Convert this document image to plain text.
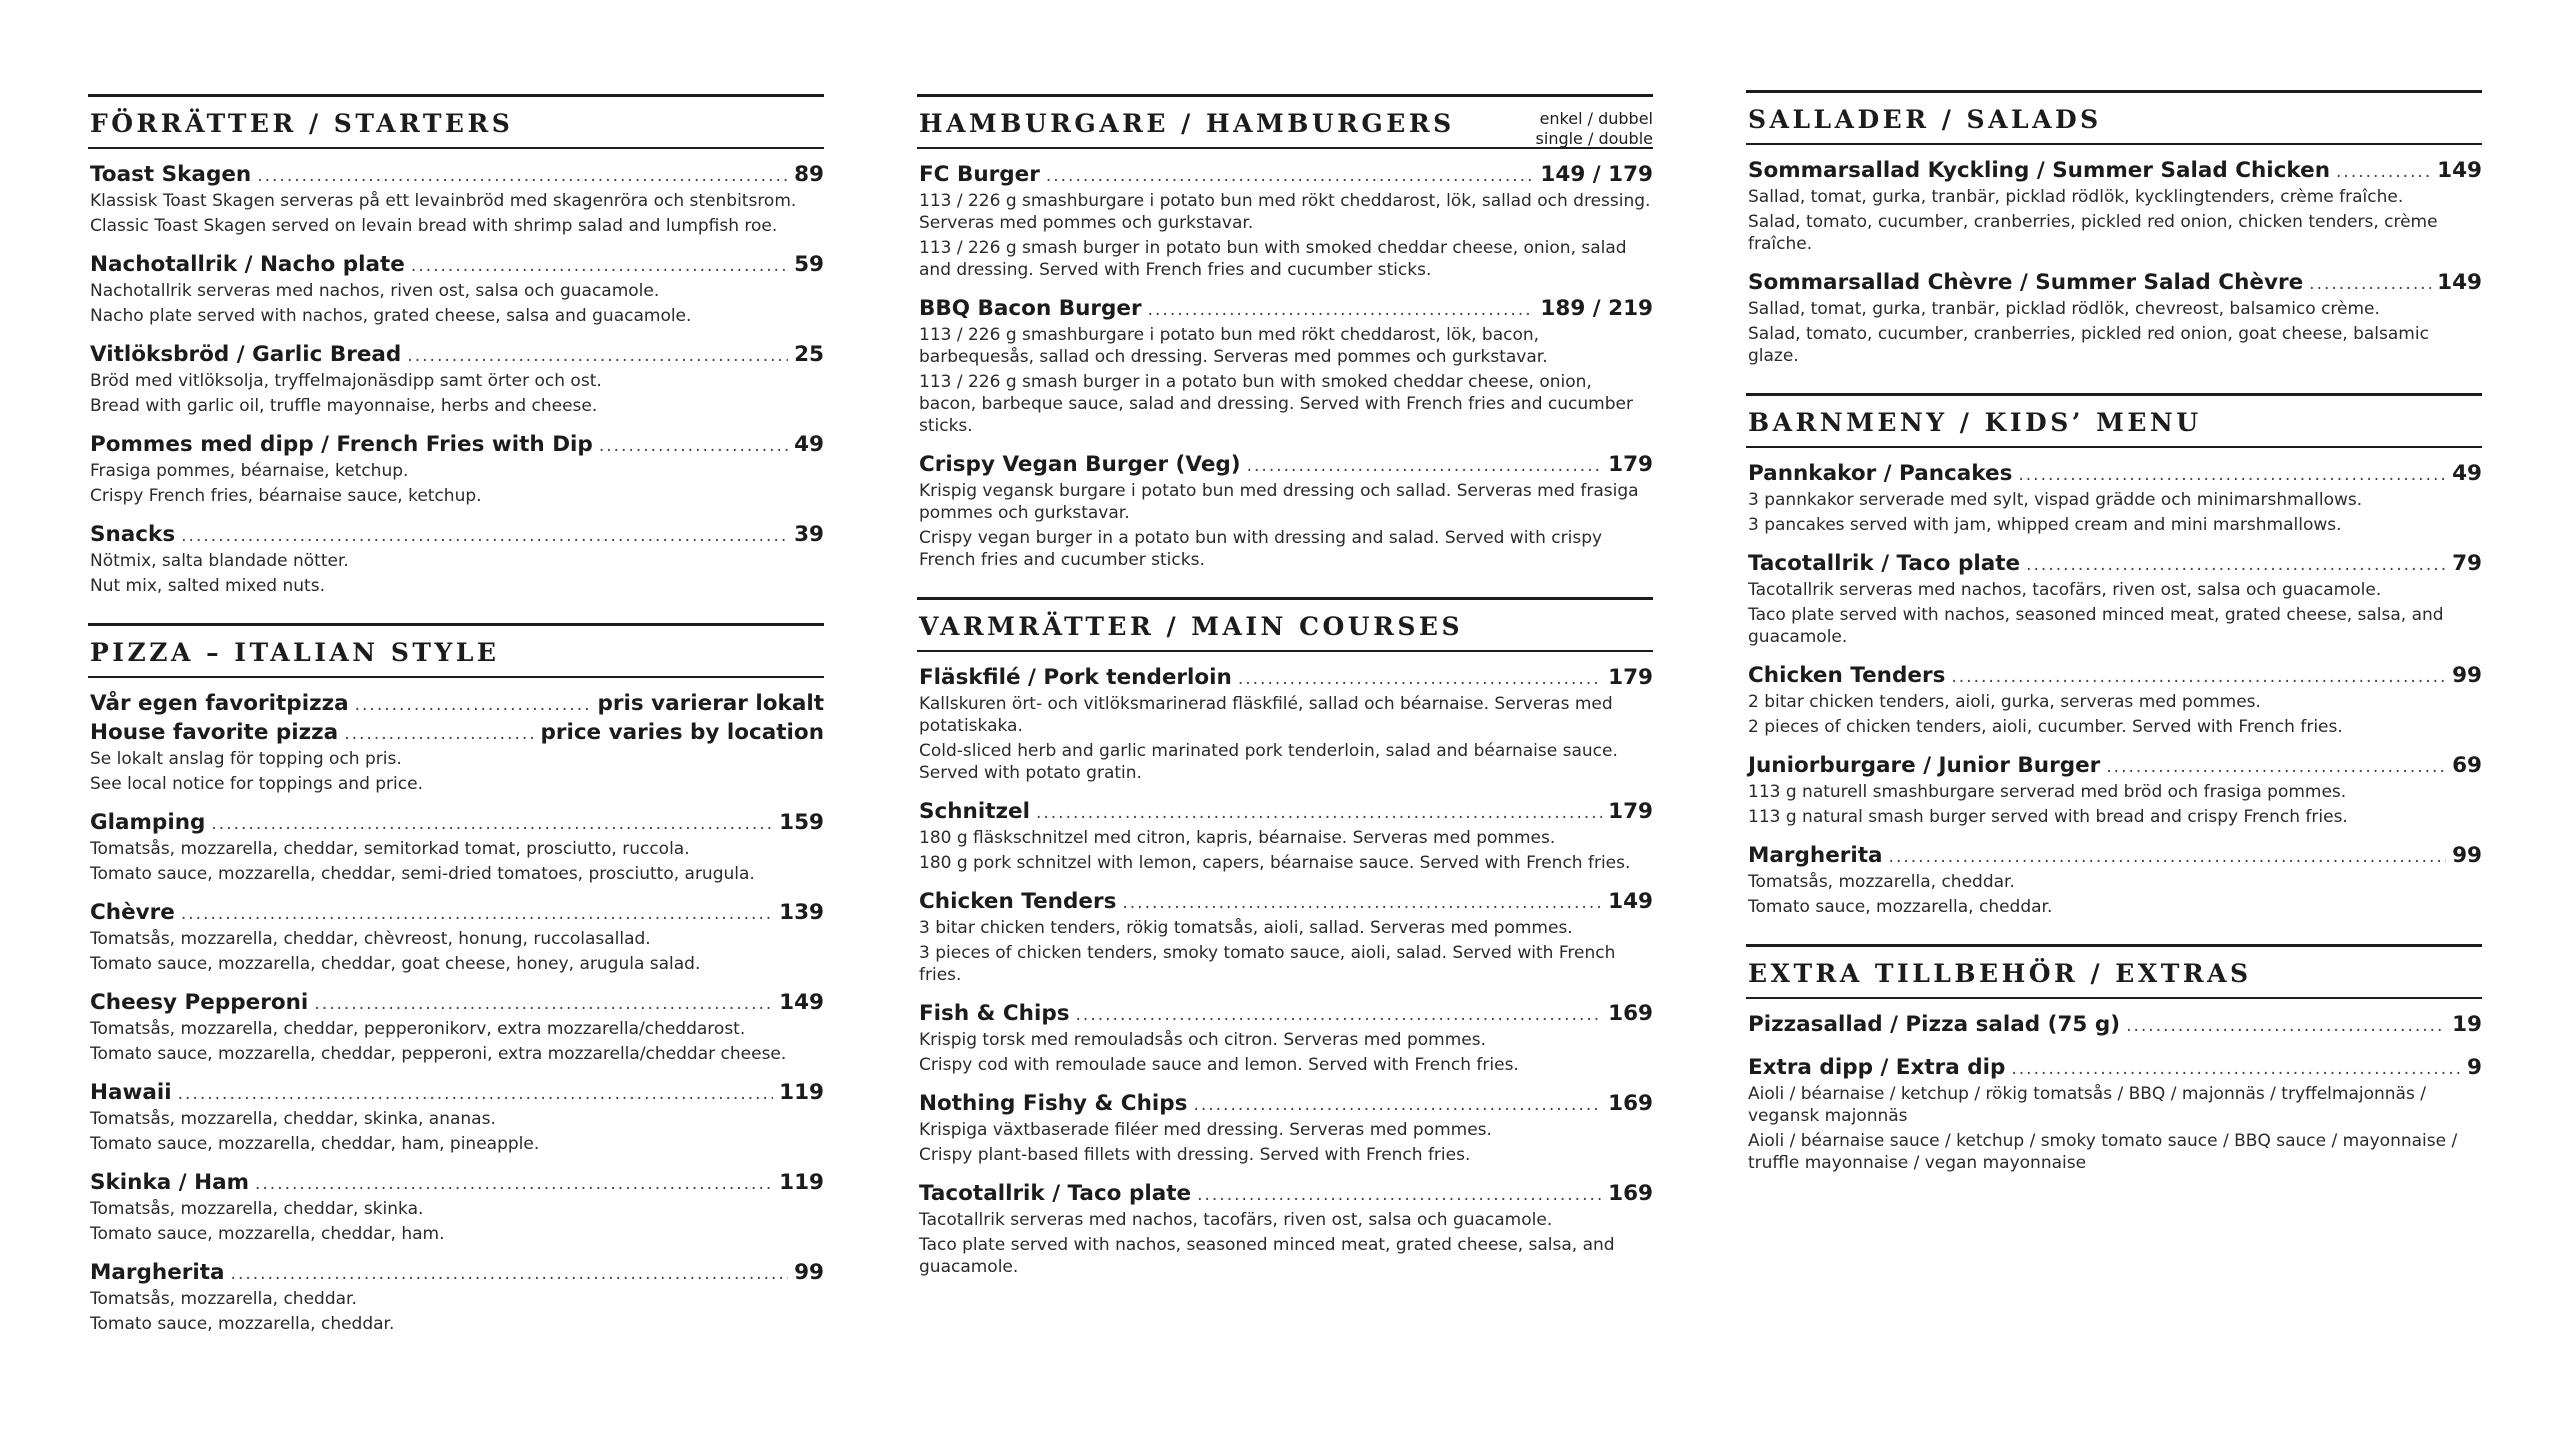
FÖRRÄTTER / STARTERS
Toast Skagen .....	89
Klassisk Toast Skagen serveras på ett levainbröd med skagenröra och stenbitsrom.
Classic Toast Skagen served on levain bread with shrimp salad and lumpfish roe.
Nachotallrik / Nacho plate .....	59
Nachotallrik serveras med nachos, riven ost, salsa och guacamole.
Nacho plate served with nachos, grated cheese, salsa and guacamole.
Vitlöksbröd / Garlic Bread .....	25
Bröd med vitlöksolja, tryffelmajonäsdipp samt örter och ost.
Bread with garlic oil, truffle mayonnaise, herbs and cheese.
Pommes med dipp / French Fries with Dip .....	49
Frasiga pommes, béarnaise, ketchup.
Crispy French fries, béarnaise sauce, ketchup.
Snacks .....	39
Nötmix, salta blandade nötter.
Nut mix, salted mixed nuts.
PIZZA – ITALIAN STYLE
Vår egen favoritpizza .....	pris varierar lokalt
House favorite pizza .....	price varies by location
Se lokalt anslag för topping och pris.
See local notice for toppings and price.
Glamping .....	159
Tomatsås, mozzarella, cheddar, semitorkad tomat, prosciutto, ruccola.
Tomato sauce, mozzarella, cheddar, semi-dried tomatoes, prosciutto, arugula.
Chèvre .....	139
Tomatsås, mozzarella, cheddar, chèvreost, honung, ruccolasallad.
Tomato sauce, mozzarella, cheddar, goat cheese, honey, arugula salad.
Cheesy Pepperoni .....	149
Tomatsås, mozzarella, cheddar, pepperonikorv, extra mozzarella/cheddarost.
Tomato sauce, mozzarella, cheddar, pepperoni, extra mozzarella/cheddar cheese.
Hawaii .....	119
Tomatsås, mozzarella, cheddar, skinka, ananas.
Tomato sauce, mozzarella, cheddar, ham, pineapple.
Skinka / Ham .....	119
Tomatsås, mozzarella, cheddar, skinka.
Tomato sauce, mozzarella, cheddar, ham.
Margherita .....	99
Tomatsås, mozzarella, cheddar.
Tomato sauce, mozzarella, cheddar.
HAMBURGARE / HAMBURGERS	enkel / dubbel
single / double
FC Burger .....	149 / 179
113 / 226 g smashburgare i potato bun med rökt cheddarost, lök, sallad och dressing. Serveras med pommes och gurkstavar.
113 / 226 g smash burger in potato bun with smoked cheddar cheese, onion, salad and dressing. Served with French fries and cucumber sticks.
BBQ Bacon Burger .....	189 / 219
113 / 226 g smashburgare i potato bun med rökt cheddarost, lök, bacon, barbequesås, sallad och dressing. Serveras med pommes och gurkstavar.
113 / 226 g smash burger in a potato bun with smoked cheddar cheese, onion, bacon, barbeque sauce, salad and dressing. Served with French fries and cucumber sticks.
Crispy Vegan Burger (Veg) .....	179
Krispig vegansk burgare i potato bun med dressing och sallad. Serveras med frasiga pommes och gurkstavar.
Crispy vegan burger in a potato bun with dressing and salad. Served with crispy French fries and cucumber sticks.
VARMRÄTTER / MAIN COURSES
Fläskfilé / Pork tenderloin .....	179
Kallskuren ört- och vitlöksmarinerad fläskfilé, sallad och béarnaise. Serveras med potatiskaka.
Cold-sliced herb and garlic marinated pork tenderloin, salad and béarnaise sauce. Served with potato gratin.
Schnitzel .....	179
180 g fläskschnitzel med citron, kapris, béarnaise. Serveras med pommes.
180 g pork schnitzel with lemon, capers, béarnaise sauce. Served with French fries.
Chicken Tenders .....	149
3 bitar chicken tenders, rökig tomatsås, aioli, sallad. Serveras med pommes.
3 pieces of chicken tenders, smoky tomato sauce, aioli, salad. Served with French fries.
Fish & Chips .....	169
Krispig torsk med remouladsås och citron. Serveras med pommes.
Crispy cod with remoulade sauce and lemon. Served with French fries.
Nothing Fishy & Chips .....	169
Krispiga växtbaserade filéer med dressing. Serveras med pommes.
Crispy plant-based fillets with dressing. Served with French fries.
Tacotallrik / Taco plate .....	169
Tacotallrik serveras med nachos, tacofärs, riven ost, salsa och guacamole.
Taco plate served with nachos, seasoned minced meat, grated cheese, salsa, and guacamole.
SALLADER / SALADS
Sommarsallad Kyckling / Summer Salad Chicken .....	149
Sallad, tomat, gurka, tranbär, picklad rödlök, kycklingtenders, crème fraîche.
Salad, tomato, cucumber, cranberries, pickled red onion, chicken tenders, crème fraîche.
Sommarsallad Chèvre / Summer Salad Chèvre .....	149
Sallad, tomat, gurka, tranbär, picklad rödlök, chevreost, balsamico crème.
Salad, tomato, cucumber, cranberries, pickled red onion, goat cheese, balsamic glaze.
BARNMENY / KIDS’ MENU
Pannkakor / Pancakes .....	49
3 pannkakor serverade med sylt, vispad grädde och minimarshmallows.
3 pancakes served with jam, whipped cream and mini marshmallows.
Tacotallrik / Taco plate .....	79
Tacotallrik serveras med nachos, tacofärs, riven ost, salsa och guacamole.
Taco plate served with nachos, seasoned minced meat, grated cheese, salsa, and guacamole.
Chicken Tenders .....	99
2 bitar chicken tenders, aioli, gurka, serveras med pommes.
2 pieces of chicken tenders, aioli, cucumber. Served with French fries.
Juniorburgare / Junior Burger .....	69
113 g naturell smashburgare serverad med bröd och frasiga pommes.
113 g natural smash burger served with bread and crispy French fries.
Margherita .....	99
Tomatsås, mozzarella, cheddar.
Tomato sauce, mozzarella, cheddar.
EXTRA TILLBEHÖR / EXTRAS
Pizzasallad / Pizza salad (75 g) .....	19
Extra dipp / Extra dip .....	9
Aioli / béarnaise / ketchup / rökig tomatsås / BBQ / majonnäs / tryffelmajonnäs / vegansk majonnäs
Aioli / béarnaise sauce / ketchup / smoky tomato sauce / BBQ sauce / mayonnaise / truffle mayonnaise / vegan mayonnaise
